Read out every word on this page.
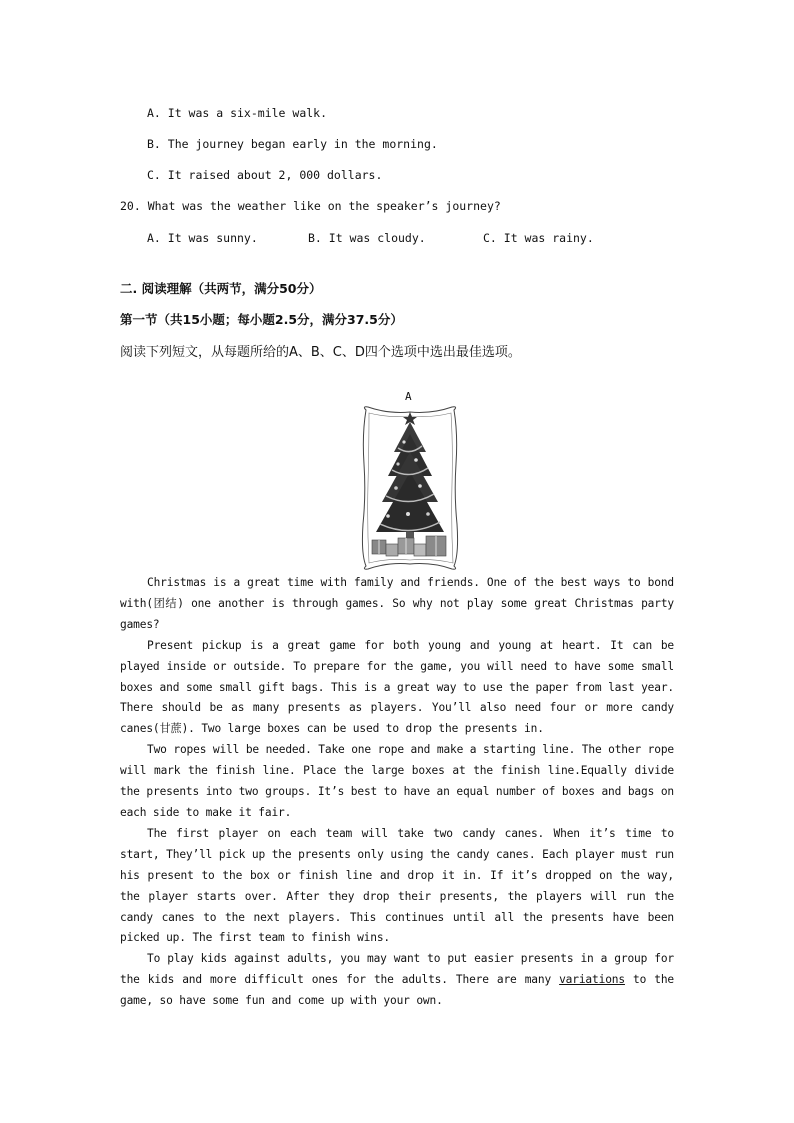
A. It was a six-mile walk.
B. The journey began early in the morning.
C. It raised about 2, 000 dollars.
20. What was the weather like on the speaker’s journey?
A. It was sunny.	B. It was cloudy.	C. It was rainy.
二. 阅读理解（共两节，满分50分）
第一节（共15小题；每小题2.5分，满分37.5分）
阅读下列短文，从每题所给的A、B、C、D四个选项中选出最佳选项。
A

Christmas is a great time with family and friends. One of the best ways to bond with(团结) one another is through games. So why not play some great Christmas party games?

Present pickup is a great game for both young and young at heart. It can be played inside or outside. To prepare for the game, you will need to have some small boxes and some small gift bags. This is a great way to use the paper from last year. There should be as many presents as players. You’ll also need four or more candy canes(甘蔗). Two large boxes can be used to drop the presents in.

Two ropes will be needed. Take one rope and make a starting line. The other rope will mark the finish line. Place the large boxes at the finish line.Equally divide the presents into two groups. It’s best to have an equal number of boxes and bags on each side to make it fair.

The first player on each team will take two candy canes. When it’s time to start, They’ll pick up the presents only using the candy canes. Each player must run his present to the box or finish line and drop it in. If it’s dropped on the way, the player starts over. After they drop their presents, the players will run the candy canes to the next players. This continues until all the presents have been picked up. The first team to finish wins.

To play kids against adults, you may want to put easier presents in a group for the kids and more difficult ones for the adults. There are many variations to the game, so have some fun and come up with your own.
